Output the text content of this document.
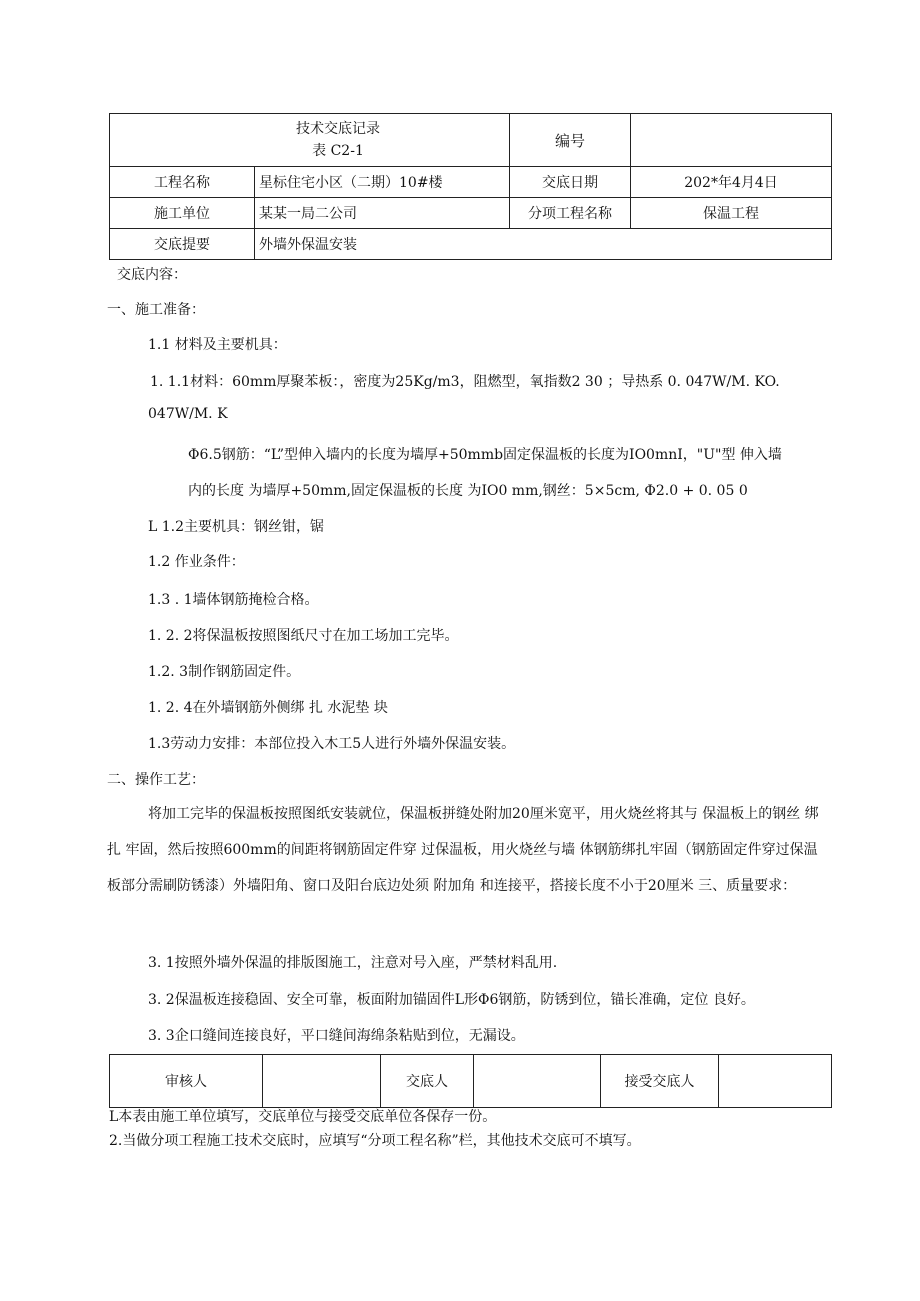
技术交底记录
表 C2-1		编号	
工程名称	星标住宅小区（二期）10#楼	交底日期	202*年4月4日
施工单位	某某一局二公司	分项工程名称	保温工程
交底提要	外墙外保温安装		
交底内容：
一、施工准备：
1.1 材料及主要机具：
1. 1.1材料：60mm厚聚苯板：，密度为25Kg/m3，阻燃型，氧指数2 30 ；导热系 0. 047W/M. KO.
047W/M. K
Φ6.5钢筋：“L”型伸入墙内的长度为墙厚+50mmb固定保温板的长度为IO0mnI，"U"型 伸入墙
内的长度 为墙厚+50mm,固定保温板的长度 为IO0 mm,钢丝：5×5cm, Φ2.0 + 0. 05 0
L 1.2主要机具：钢丝钳，锯
1.2 作业条件：
1.3 . 1墙体钢筋掩检合格。
1. 2. 2将保温板按照图纸尺寸在加工场加工完毕。
1.2. 3制作钢筋固定件。
1. 2. 4在外墙钢筋外侧绑 扎 水泥垫 块
1.3劳动力安排：本部位投入木工5人进行外墙外保温安装。
二、操作工艺：
将加工完毕的保温板按照图纸安装就位，保温板拼缝处附加20厘米宽平，用火烧丝将其与 保温板上的钢丝 绑扎 牢固，然后按照600mm的间距将钢筋固定件穿 过保温板，用火烧丝与墙 体钢筋绑扎牢固（钢筋固定件穿过保温板部分需刷防锈漆）外墙阳角、窗口及阳台底边处须 附加角 和连接平，搭接长度不小于20厘米 三、质量要求：
3. 1按照外墙外保温的排版图施工，注意对号入座，严禁材料乱用.
3. 2保温板连接稳固、安全可靠，板面附加锚固件L形Φ6钢筋，防锈到位，锚长准确，定位 良好。
3. 3企口缝间连接良好，平口缝间海绵条粘贴到位，无漏设。
审核人		交底人		接受交底人	
L本表由施工单位填写，交底单位与接受交底单位各保存一份。
2.当做分项工程施工技术交底时，应填写“分项工程名称”栏，其他技术交底可不填写。
